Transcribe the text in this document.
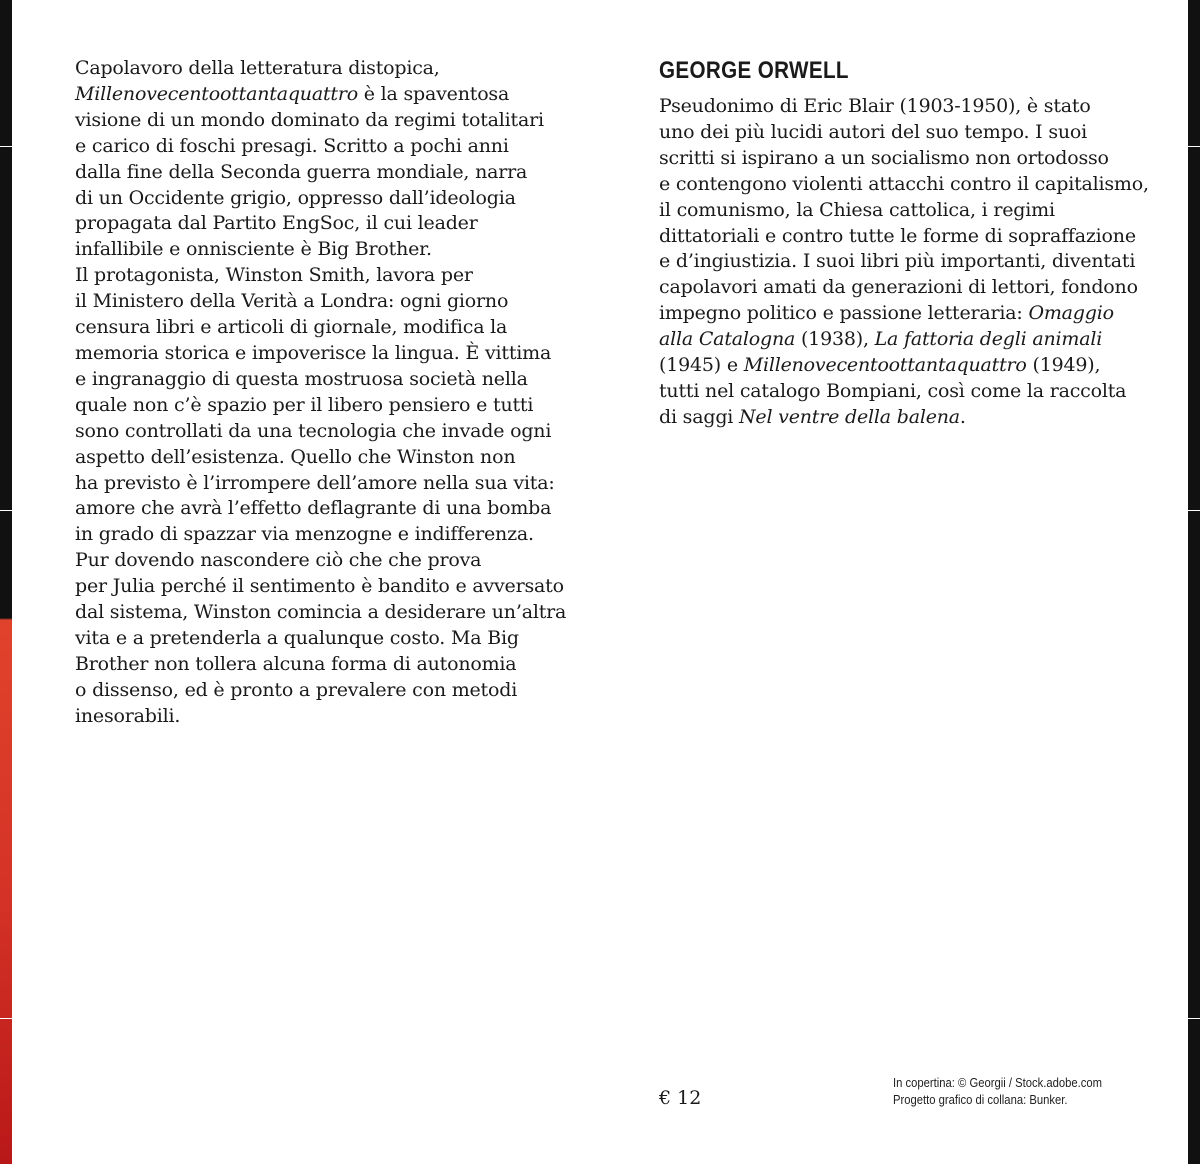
Capolavoro della letteratura distopica,
Millenovecentoottantaquattro è la spaventosa
visione di un mondo dominato da regimi totalitari
e carico di foschi presagi. Scritto a pochi anni
dalla fine della Seconda guerra mondiale, narra
di un Occidente grigio, oppresso dall’ideologia
propagata dal Partito EngSoc, il cui leader
infallibile e onnisciente è Big Brother.
Il protagonista, Winston Smith, lavora per
il Ministero della Verità a Londra: ogni giorno
censura libri e articoli di giornale, modifica la
memoria storica e impoverisce la lingua. È vittima
e ingranaggio di questa mostruosa società nella
quale non c’è spazio per il libero pensiero e tutti
sono controllati da una tecnologia che invade ogni
aspetto dell’esistenza. Quello che Winston non
ha previsto è l’irrompere dell’amore nella sua vita:
amore che avrà l’effetto deflagrante di una bomba
in grado di spazzar via menzogne e indifferenza.
Pur dovendo nascondere ciò che che prova
per Julia perché il sentimento è bandito e avversato
dal sistema, Winston comincia a desiderare un’altra
vita e a pretenderla a qualunque costo. Ma Big
Brother non tollera alcuna forma di autonomia
o dissenso, ed è pronto a prevalere con metodi
inesorabili.
GEORGE ORWELL
Pseudonimo di Eric Blair (1903-1950), è stato
uno dei più lucidi autori del suo tempo. I suoi
scritti si ispirano a un socialismo non ortodosso
e contengono violenti attacchi contro il capitalismo,
il comunismo, la Chiesa cattolica, i regimi
dittatoriali e contro tutte le forme di sopraffazione
e d’ingiustizia. I suoi libri più importanti, diventati
capolavori amati da generazioni di lettori, fondono
impegno politico e passione letteraria: Omaggio
alla Catalogna (1938), La fattoria degli animali
(1945) e Millenovecentoottantaquattro (1949),
tutti nel catalogo Bompiani, così come la raccolta
di saggi Nel ventre della balena.
€ 12
In copertina: © Georgii / Stock.adobe.com
Progetto grafico di collana: Bunker.
